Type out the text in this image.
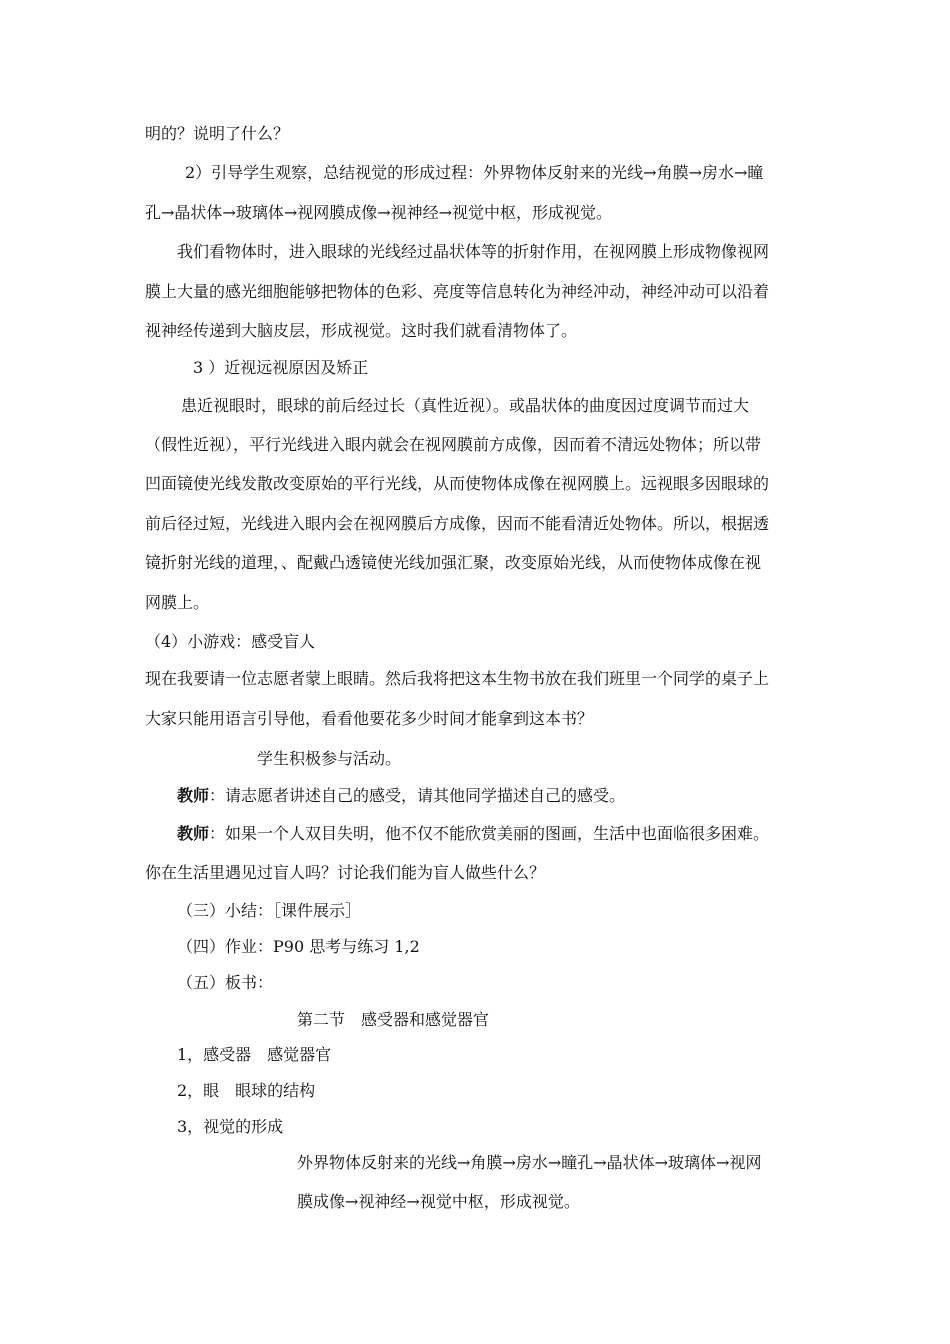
明的？说明了什么？
2）引导学生观察，总结视觉的形成过程：外界物体反射来的光线→角膜→房水→瞳
孔→晶状体→玻璃体→视网膜成像→视神经→视觉中枢，形成视觉。
我们看物体时，进入眼球的光线经过晶状体等的折射作用，在视网膜上形成物像视网
膜上大量的感光细胞能够把物体的色彩、亮度等信息转化为神经冲动，神经冲动可以沿着
视神经传递到大脑皮层，形成视觉。这时我们就看清物体了。
3 ）近视远视原因及矫正
患近视眼时，眼球的前后经过长（真性近视）。或晶状体的曲度因过度调节而过大
（假性近视），平行光线进入眼内就会在视网膜前方成像，因而着不清远处物体；所以带
凹面镜使光线发散改变原始的平行光线，从而使物体成像在视网膜上。远视眼多因眼球的
前后径过短，光线进入眼内会在视网膜后方成像，因而不能看清近处物体。所以，根据透
镜折射光线的道理，、配戴凸透镜使光线加强汇聚，改变原始光线，从而使物体成像在视
网膜上。
（4）小游戏：感受盲人
现在我要请一位志愿者蒙上眼睛。然后我将把这本生物书放在我们班里一个同学的桌子上
大家只能用语言引导他，看看他要花多少时间才能拿到这本书？
学生积极参与活动。
教师：请志愿者讲述自己的感受，请其他同学描述自己的感受。
教师：如果一个人双目失明，他不仅不能欣赏美丽的图画，生活中也面临很多困难。
你在生活里遇见过盲人吗？讨论我们能为盲人做些什么？
（三）小结：［课件展示］
（四）作业：P90 思考与练习 1,2
（五）板书：
第二节　感受器和感觉器官
1，感受器　感觉器官
2，眼　眼球的结构
3，视觉的形成
外界物体反射来的光线→角膜→房水→瞳孔→晶状体→玻璃体→视网
膜成像→视神经→视觉中枢，形成视觉。
